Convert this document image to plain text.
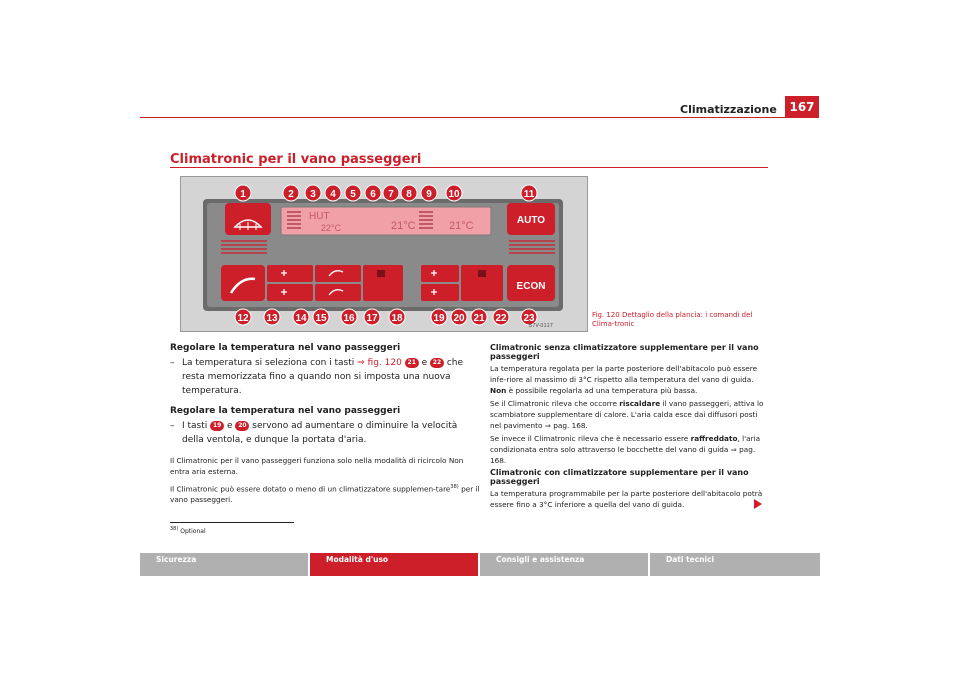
Climatizzazione	167
Climatronic per il vano passeggeri
HUT
22°C	21°C	21°C	AUTO
ECON
1	2 3 4 5 6 7 8 9 10	11
12 13 14 15 16 17 18	19 20 21 22 23
B7V-0117
Fig. 120 Dettaglio della plancia: i comandi del Clima-tronic
Regolare la temperatura nel vano passeggeri
– La temperatura si seleziona con i tasti ⇒ fig. 120 21 e 22 che resta memorizzata fino a quando non si imposta una nuova temperatura.
Regolare la temperatura nel vano passeggeri
– I tasti 19 e 20 servono ad aumentare o diminuire la velocità della ventola, e dunque la portata d'aria.
Il Climatronic per il vano passeggeri funziona solo nella modalità di ricircolo Non entra aria esterna.
Il Climatronic può essere dotato o meno di un climatizzatore supplemen-tare$^{38)}$ per il vano passeggeri.
$^{38)}$ Optional
Climatronic senza climatizzatore supplementare per il vano passeggeri
La temperatura regolata per la parte posteriore dell'abitacolo può essere infe-riore al massimo di 3°C rispetto alla temperatura del vano di guida. Non è possibile regolarla ad una temperatura più bassa.
Se il Climatronic rileva che occorre riscaldare il vano passeggeri, attiva lo scambiatore supplementare di calore. L'aria calda esce dai diffusori posti nel pavimento ⇒ pag. 168.
Se invece il Climatronic rileva che è necessario essere raffreddato, l'aria condizionata entra solo attraverso le bocchette del vano di guida ⇒ pag. 168.
Climatronic con climatizzatore supplementare per il vano passeggeri
La temperatura programmabile per la parte posteriore dell'abitacolo potrà essere fino a 3°C inferiore a quella del vano di guida.
Sicurezza	Modalità d'uso	Consigli e assistenza	Dati tecnici
